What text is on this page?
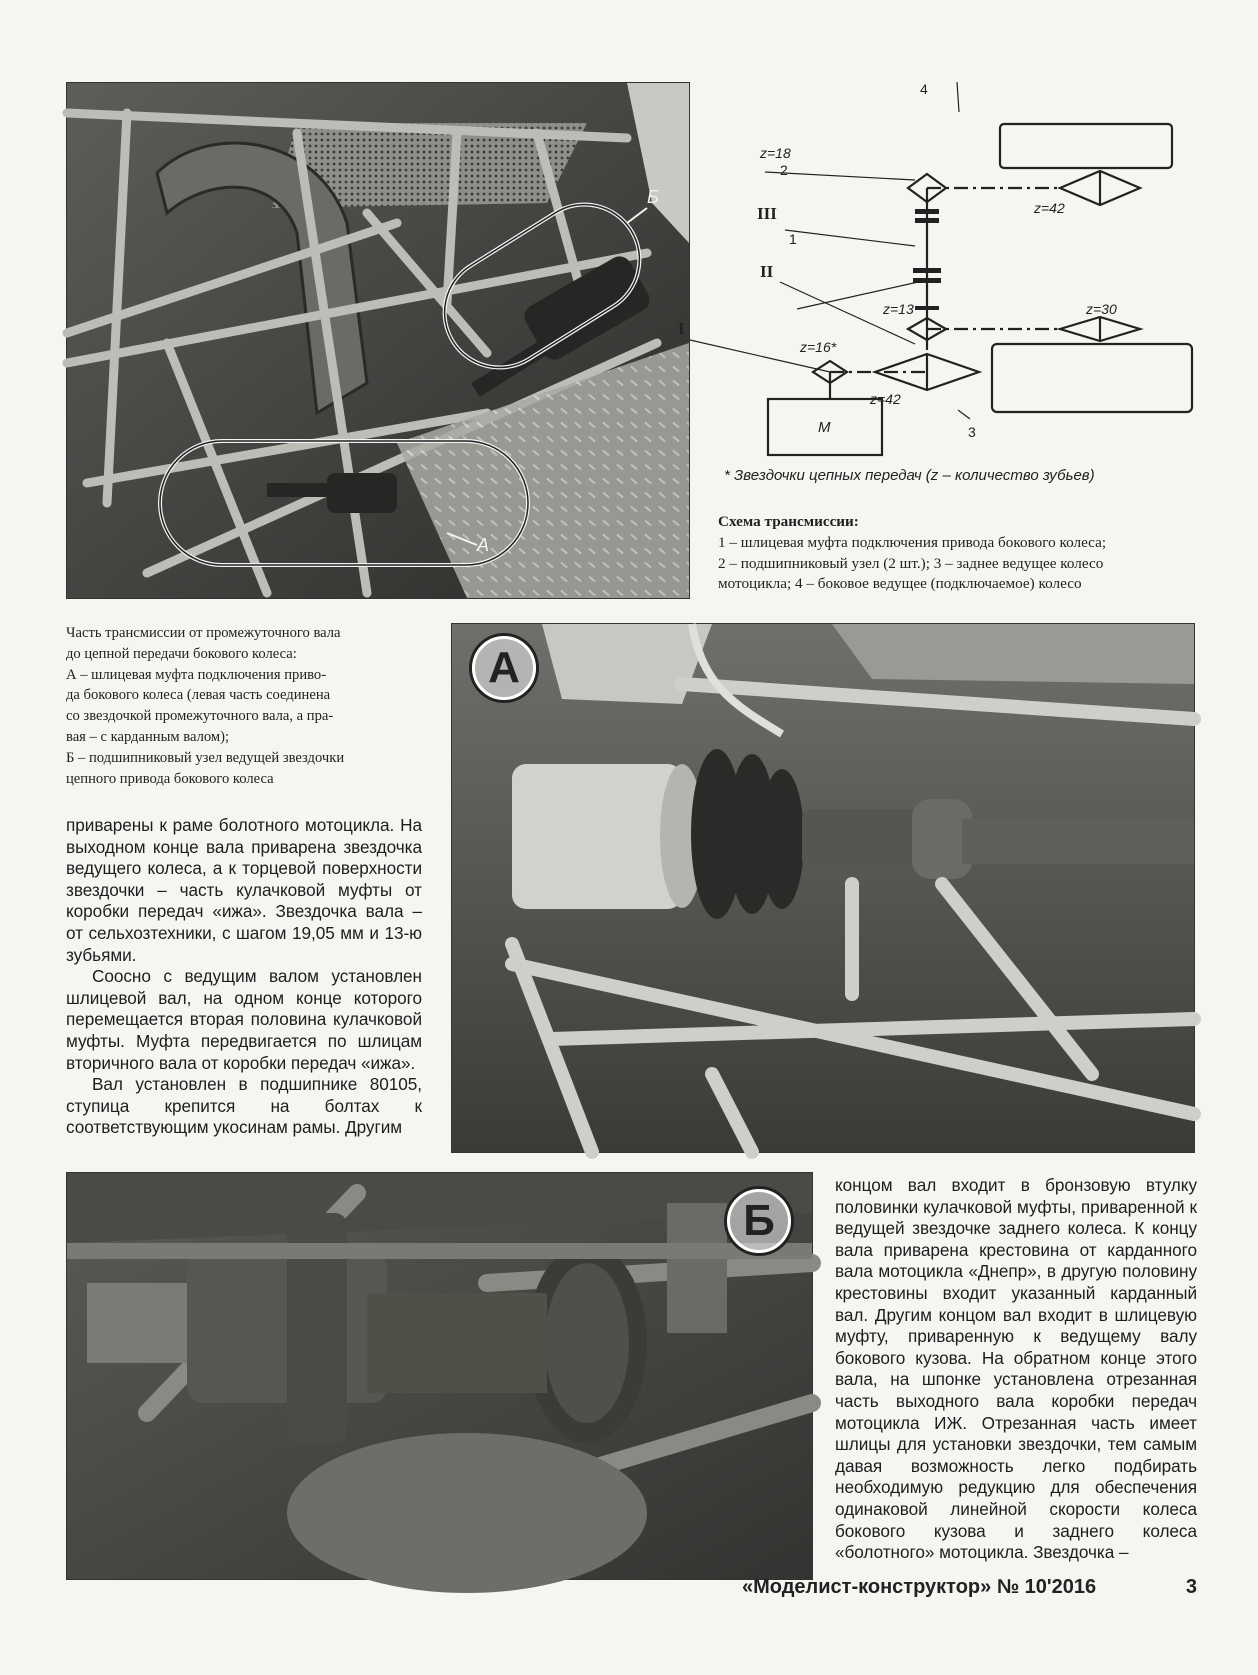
Б
А
2
1
4
3
III
II
I
M
z=18
z=42
z=13	z=30
z=16*
z=42
* Звездочки цепных передач (z – количество зубьев)
Схема трансмиссии:
1 – шлицевая муфта подключения привода бокового колеса;
2 – подшипниковый узел (2 шт.); 3 – заднее ведущее колесо
мотоцикла; 4 – боковое ведущее (подключаемое) колесо
Часть трансмиссии от промежуточного вала
до цепной передачи бокового колеса:
А – шлицевая муфта подключения приво-
да бокового колеса (левая часть соединена
со звездочкой промежуточного вала, а пра-
вая – с карданным валом);
Б – подшипниковый узел ведущей звездочки
цепного привода бокового колеса

приварены к раме болотного мотоцикла. На выходном конце вала приварена звездочка ведущего колеса, а к торцевой поверхности звездочки – часть кулачковой муфты от коробки передач «ижа». Звездочка вала – от сельхозтехники, с шагом 19,05 мм и 13-ю зубьями.

Соосно с ведущим валом установлен шлицевой вал, на одном конце которого перемещается вторая половина кулачковой муфты. Муфта передвигается по шлицам вторичного вала от коробки передач «ижа».

Вал установлен в подшипнике 80105, ступица крепится на болтах к соответствующим укосинам рамы. Другим

А
Б

концом вал входит в бронзовую втулку половинки кулачковой муфты, приваренной к ведущей звездочке заднего колеса. К концу вала приварена крестовина от карданного вала мотоцикла «Днепр», в другую половину крестовины входит указанный карданный вал. Другим концом вал входит в шлицевую муфту, приваренную к ведущему валу бокового кузова. На обратном конце этого вала, на шпонке установлена отрезанная часть выходного вала коробки передач мотоцикла ИЖ. Отрезанная часть имеет шлицы для установки звездочки, тем самым давая возможность легко подбирать необходимую редукцию для обеспечения одинаковой линейной скорости колеса бокового кузова и заднего колеса «болотного» мотоцикла. Звездочка –

«Моделист-конструктор» № 10'2016	3
